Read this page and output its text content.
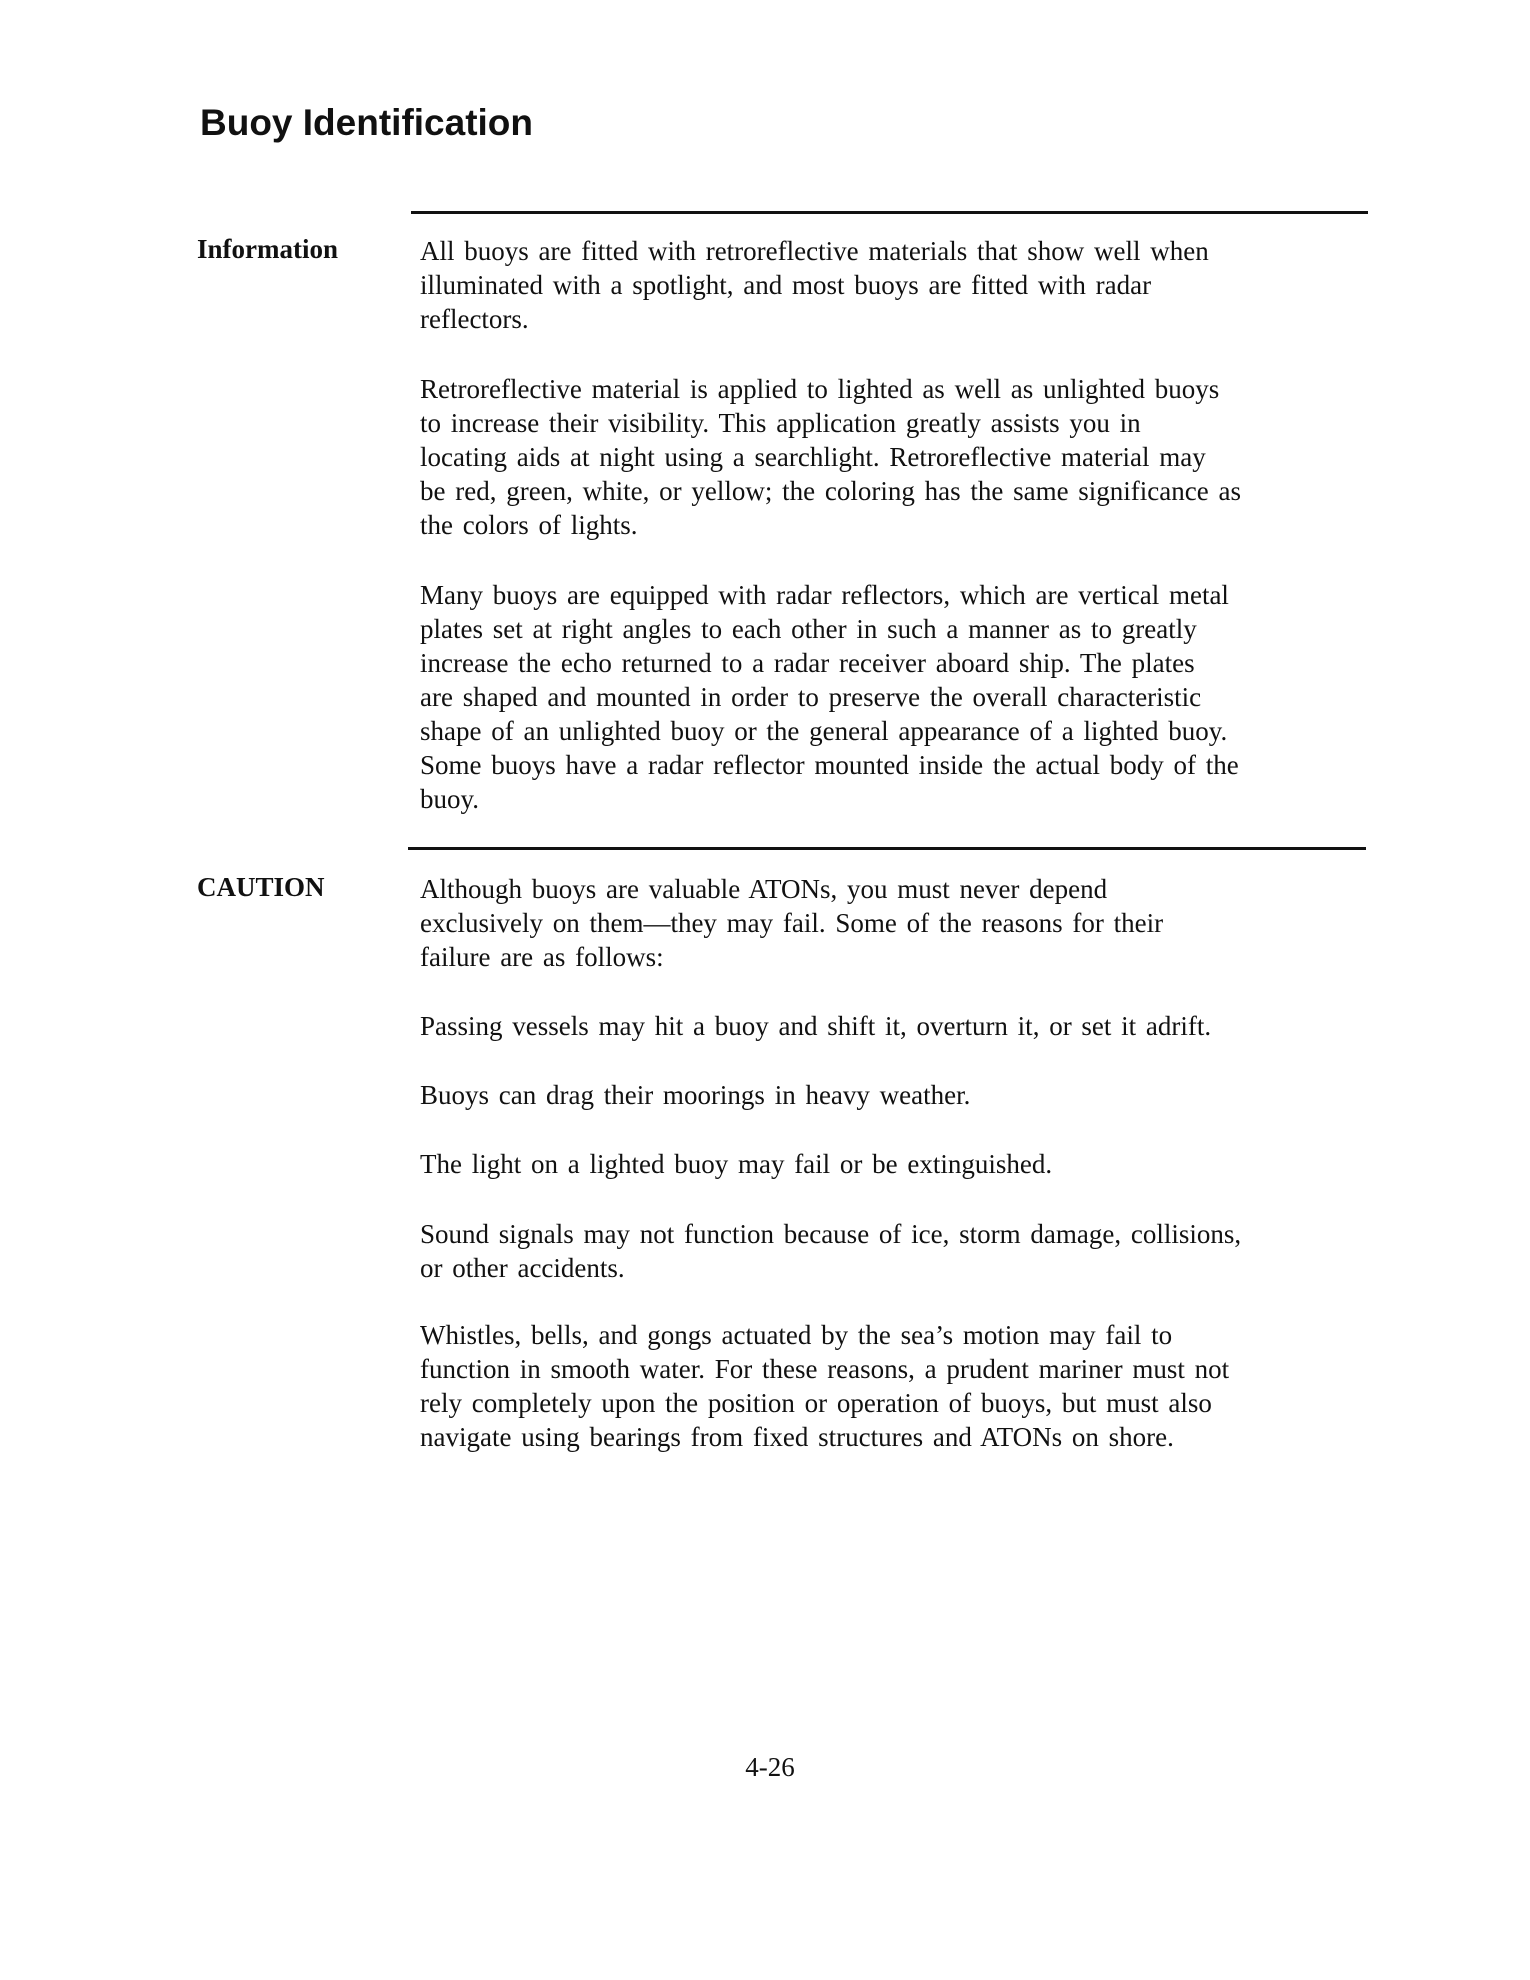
Buoy Identification
Information	All buoys are fitted with retroreflective materials that show well when
illuminated with a spotlight, and most buoys are fitted with radar
reflectors.
Retroreflective material is applied to lighted as well as unlighted buoys
to increase their visibility. This application greatly assists you in
locating aids at night using a searchlight. Retroreflective material may
be red, green, white, or yellow; the coloring has the same significance as
the colors of lights.
Many buoys are equipped with radar reflectors, which are vertical metal
plates set at right angles to each other in such a manner as to greatly
increase the echo returned to a radar receiver aboard ship. The plates
are shaped and mounted in order to preserve the overall characteristic
shape of an unlighted buoy or the general appearance of a lighted buoy.
Some buoys have a radar reflector mounted inside the actual body of the
buoy.
CAUTION	Although buoys are valuable ATONs, you must never depend
exclusively on them—they may fail. Some of the reasons for their
failure are as follows:
Passing vessels may hit a buoy and shift it, overturn it, or set it adrift.
Buoys can drag their moorings in heavy weather.
The light on a lighted buoy may fail or be extinguished.
Sound signals may not function because of ice, storm damage, collisions,
or other accidents.
Whistles, bells, and gongs actuated by the sea’s motion may fail to
function in smooth water. For these reasons, a prudent mariner must not
rely completely upon the position or operation of buoys, but must also
navigate using bearings from fixed structures and ATONs on shore.
4-26
